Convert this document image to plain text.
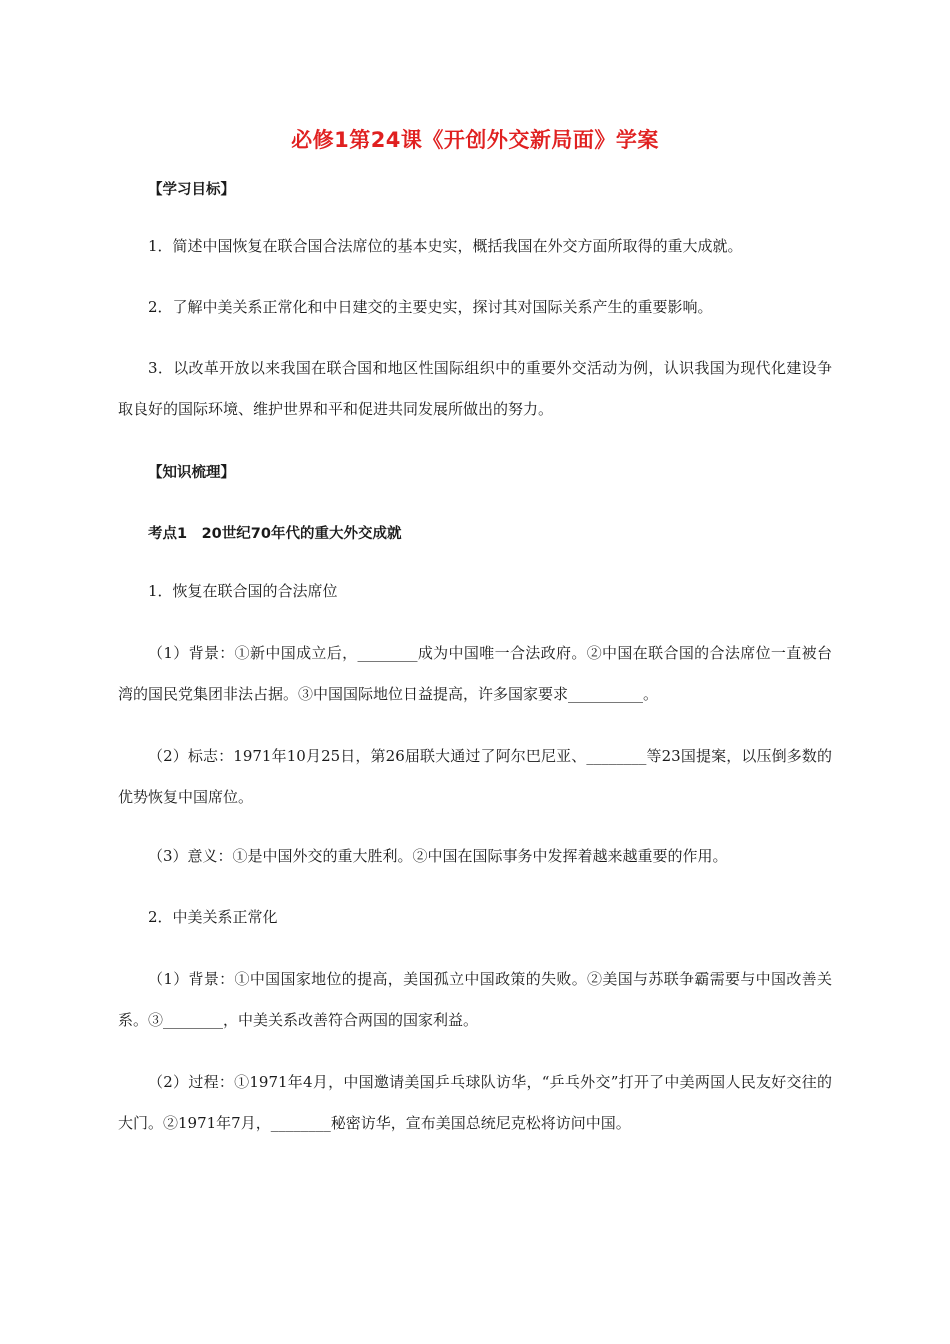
必修1第24课《开创外交新局面》学案
【学习目标】
1．简述中国恢复在联合国合法席位的基本史实，概括我国在外交方面所取得的重大成就。
2．了解中美关系正常化和中日建交的主要史实，探讨其对国际关系产生的重要影响。
3．以改革开放以来我国在联合国和地区性国际组织中的重要外交活动为例，认识我国为现代化建设争取良好的国际环境、维护世界和平和促进共同发展所做出的努力。
【知识梳理】
考点1　20世纪70年代的重大外交成就
1．恢复在联合国的合法席位
（1）背景：①新中国成立后，________成为中国唯一合法政府。②中国在联合国的合法席位一直被台湾的国民党集团非法占据。③中国国际地位日益提高，许多国家要求__________。
（2）标志：1971年10月25日，第26届联大通过了阿尔巴尼亚、________等23国提案，以压倒多数的优势恢复中国席位。
（3）意义：①是中国外交的重大胜利。②中国在国际事务中发挥着越来越重要的作用。
2．中美关系正常化
（1）背景：①中国国家地位的提高，美国孤立中国政策的失败。②美国与苏联争霸需要与中国改善关系。③________，中美关系改善符合两国的国家利益。
（2）过程：①1971年4月，中国邀请美国乒乓球队访华，“乒乓外交”打开了中美两国人民友好交往的大门。②1971年7月，________秘密访华，宣布美国总统尼克松将访问中国。
